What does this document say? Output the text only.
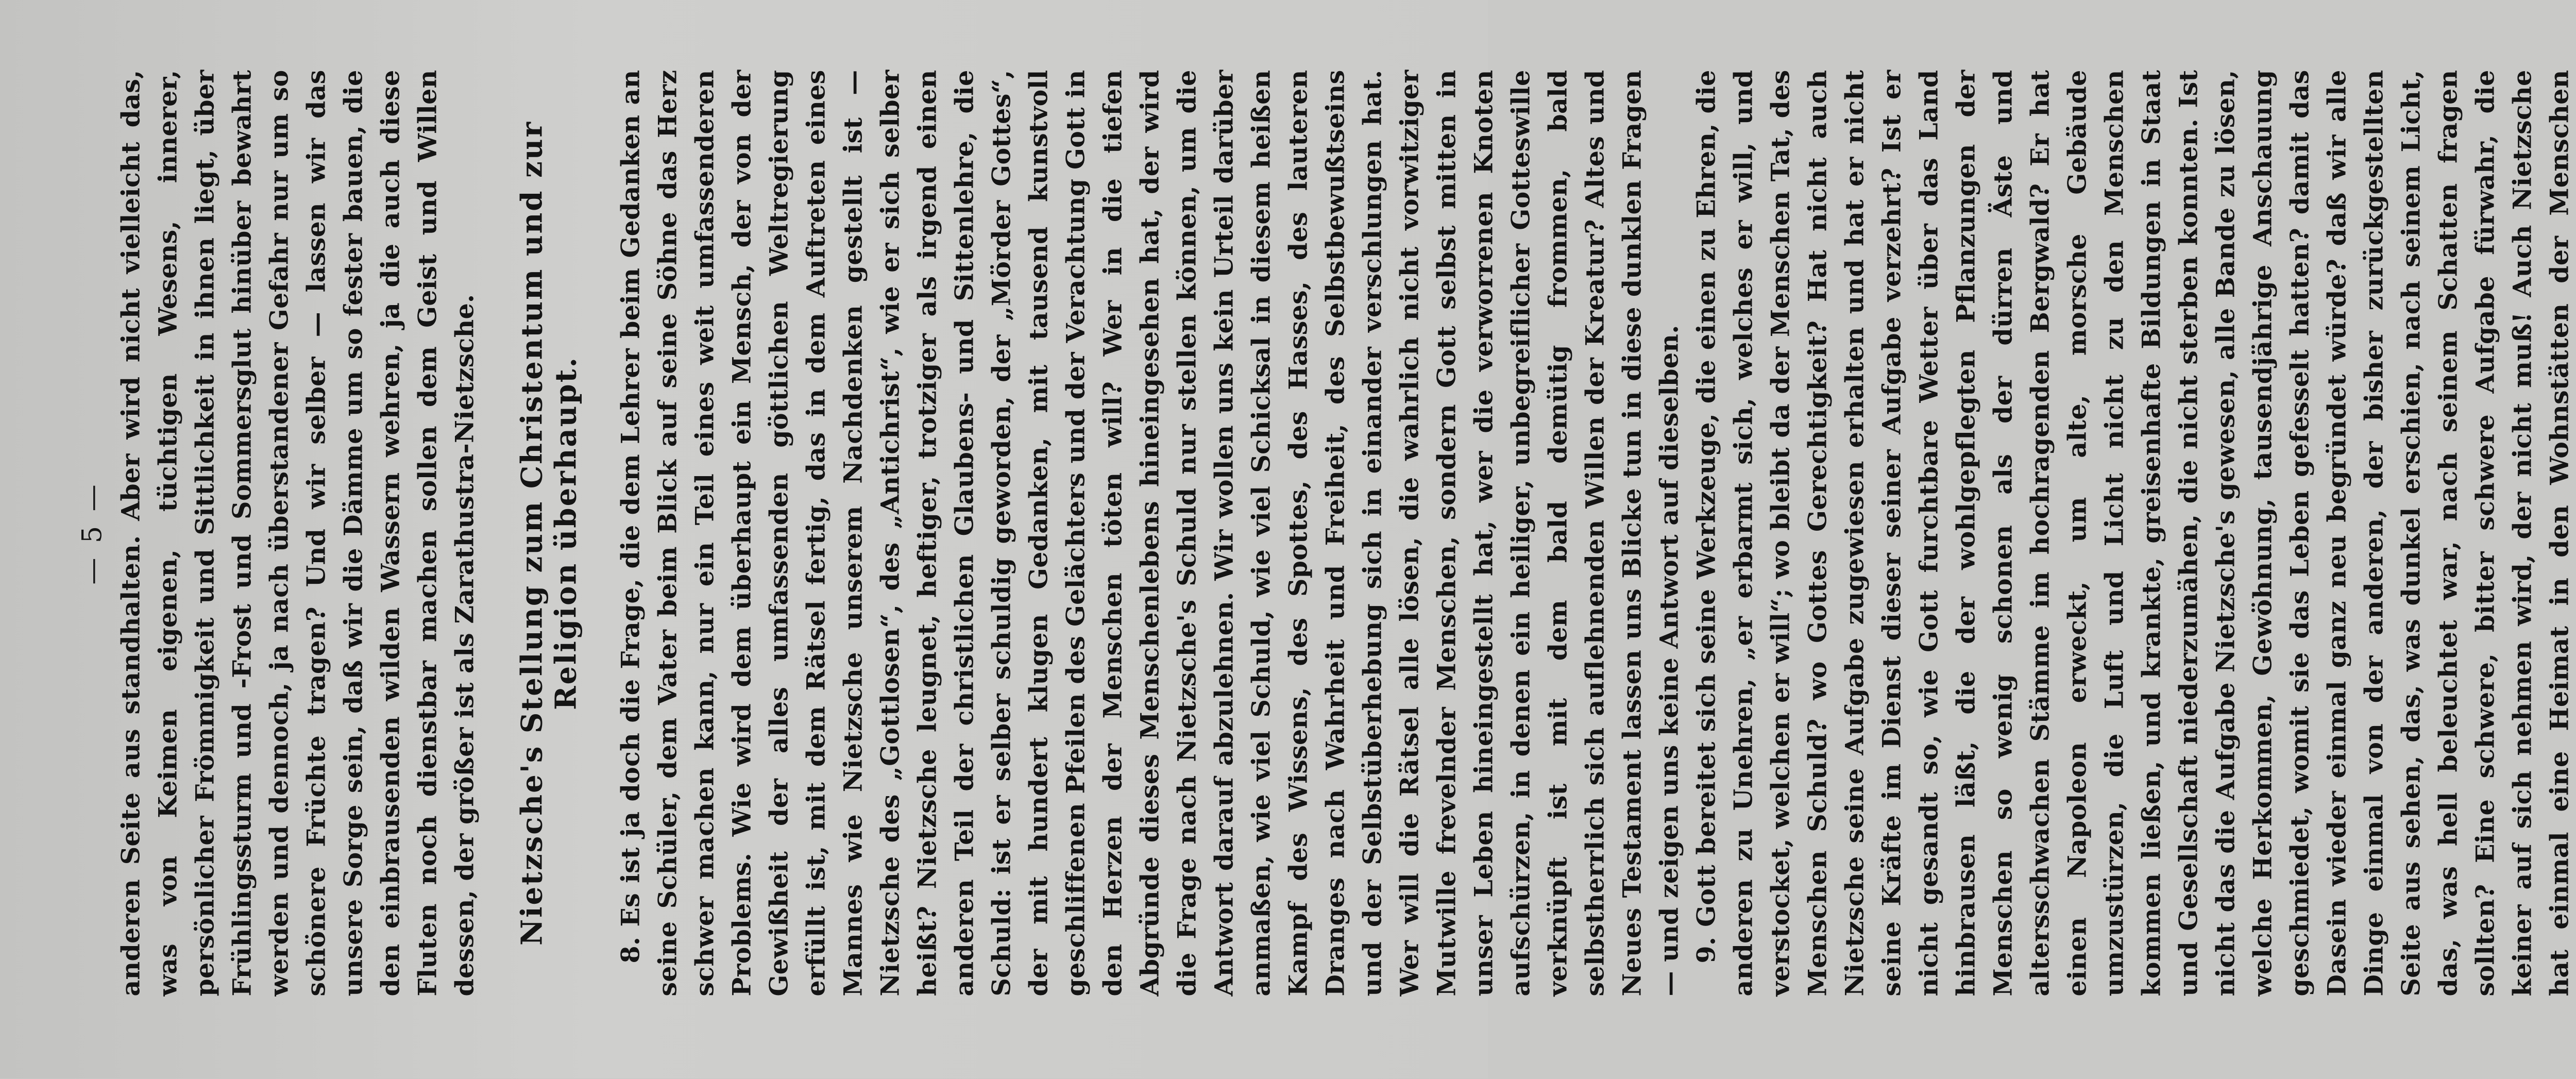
— 5 — anderen Seite aus standhalten. Aber wird nicht vielleicht das, was von Keimen eigenen, tüchtigen Wesens, innerer, persönlicher Frömmigkeit und Sittlichkeit in ihnen liegt, über Frühlingssturm und -Frost und Sommersglut hinüber bewahrt werden und dennoch, ja nach überstandener Gefahr nur um so schönere Früchte tragen? Und wir selber — lassen wir das unsere Sorge sein, daß wir die Dämme um so fester bauen, die den einbrausenden wilden Wassern wehren, ja die auch diese Fluten noch dienstbar machen sollen dem Geist und Willen dessen, der größer ist als Zarathustra-Nietzsche. Nietzsche's Stellung zum Christentum und zur Religion überhaupt. 8. Es ist ja doch die Frage, die dem Lehrer beim Gedanken an seine Schüler, dem Vater beim Blick auf seine Söhne das Herz schwer machen kann, nur ein Teil eines weit umfassenderen Problems. Wie wird dem überhaupt ein Mensch, der von der Gewißheit der alles umfassenden göttlichen Weltregierung erfüllt ist, mit dem Rätsel fertig, das in dem Auftreten eines Mannes wie Nietzsche unserem Nachdenken gestellt ist — Nietzsche des „Gottlosen“, des „Antichrist“, wie er sich selber heißt? Nietzsche leugnet, heftiger, trotziger als irgend einen anderen Teil der christlichen Glaubens- und Sittenlehre, die Schuld: ist er selber schuldig geworden, der „Mörder Gottes“, der mit hundert klugen Gedanken, mit tausend kunstvoll geschliffenen Pfeilen des Gelächters und der Verachtung Gott in den Herzen der Menschen töten will? Wer in die tiefen Abgründe dieses Menschenlebens hineingesehen hat, der wird die Frage nach Nietzsche's Schuld nur stellen können, um die Antwort darauf abzulehnen. Wir wollen uns kein Urteil darüber anmaßen, wie viel Schuld, wie viel Schicksal in diesem heißen Kampf des Wissens, des Spottes, des Hasses, des lauteren Dranges nach Wahrheit und Freiheit, des Selbstbewußtseins und der Selbstüberhebung sich in einander verschlungen hat. Wer will die Rätsel alle lösen, die wahrlich nicht vorwitziger Mutwille frevelnder Menschen, sondern Gott selbst mitten in unser Leben hineingestellt hat, wer die verworrenen Knoten aufschürzen, in denen ein heiliger, unbegreiflicher Gotteswille verknüpft ist mit dem bald demütig frommen, bald selbstherrlich sich auflehnenden Willen der Kreatur? Altes und Neues Testament lassen uns Blicke tun in diese dunklen Fragen — und zeigen uns keine Antwort auf dieselben. 9. Gott bereitet sich seine Werkzeuge, die einen zu Ehren, die anderen zu Unehren, „er erbarmt sich, welches er will, und verstocket, welchen er will“; wo bleibt da der Menschen Tat, des Menschen Schuld? wo Gottes Gerechtigkeit? Hat nicht auch Nietzsche seine Aufgabe zugewiesen erhalten und hat er nicht seine Kräfte im Dienst dieser seiner Aufgabe verzehrt? Ist er nicht gesandt so, wie Gott furchtbare Wetter über das Land hinbrausen läßt, die der wohlgepflegten Pflanzungen der Menschen so wenig schonen als der dürren Äste und altersschwachen Stämme im hochragenden Bergwald? Er hat einen Napoleon erweckt, um alte, morsche Gebäude umzustürzen, die Luft und Licht nicht zu den Menschen kommen ließen, und krankte, greisenhafte Bildungen in Staat und Gesellschaft niederzumähen, die nicht sterben konnten. Ist nicht das die Aufgabe Nietzsche's gewesen, alle Bande zu lösen, welche Herkommen, Gewöhnung, tausendjährige Anschauung geschmiedet, womit sie das Leben gefesselt hatten? damit das Dasein wieder einmal ganz neu begründet würde? daß wir alle Dinge einmal von der anderen, der bisher zurückgestellten Seite aus sehen, das, was dunkel erschien, nach seinem Licht, das, was hell beleuchtet war, nach seinem Schatten fragen sollten? Eine schwere, bitter schwere Aufgabe fürwahr, die keiner auf sich nehmen wird, der nicht muß! Auch Nietzsche hat einmal eine Heimat in den Wohnstätten der Menschen
